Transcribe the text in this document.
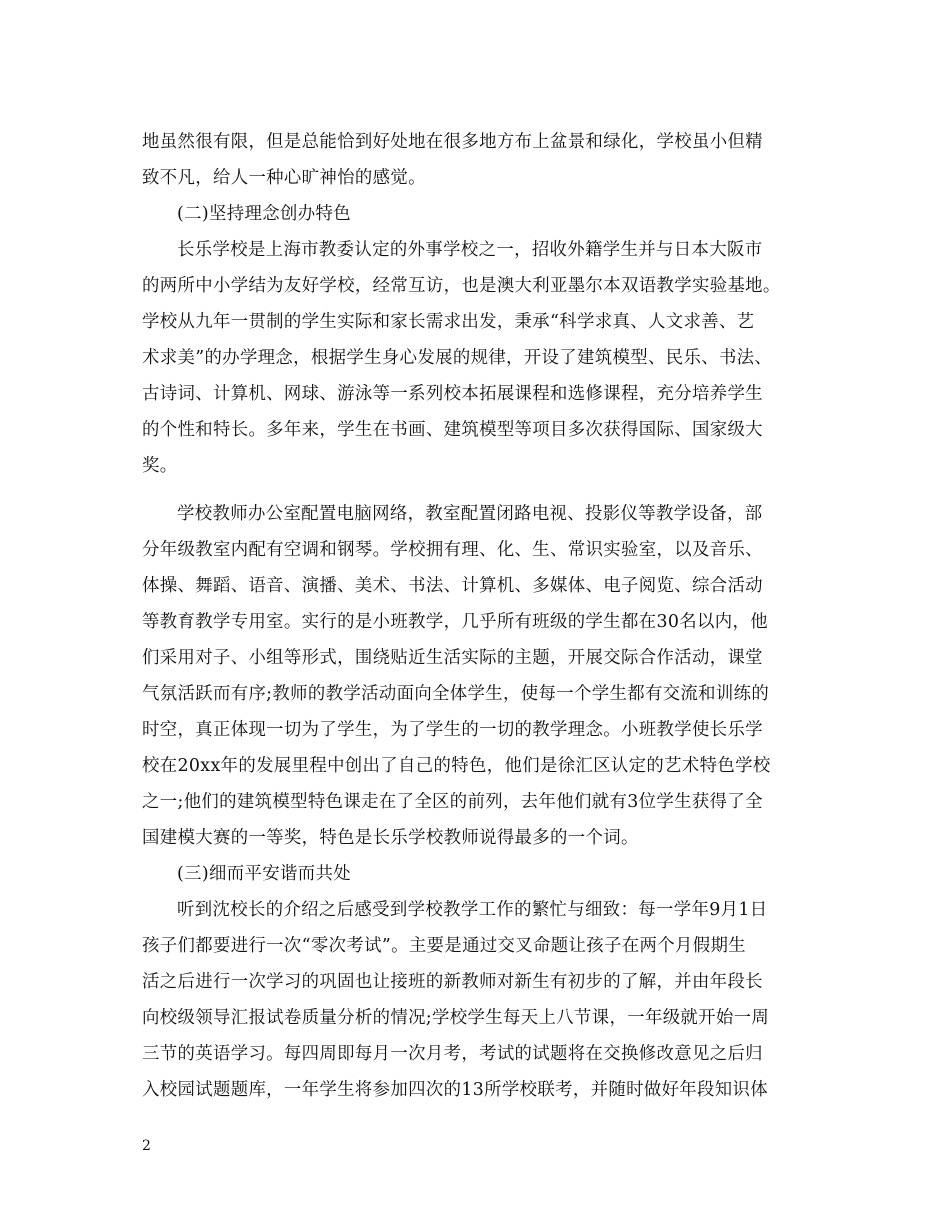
地虽然很有限，但是总能恰到好处地在很多地方布上盆景和绿化，学校虽小但精
致不凡，给人一种心旷神怡的感觉。
(二)坚持理念创办特色
长乐学校是上海市教委认定的外事学校之一，招收外籍学生并与日本大阪市
的两所中小学结为友好学校，经常互访，也是澳大利亚墨尔本双语教学实验基地。
学校从九年一贯制的学生实际和家长需求出发，秉承“科学求真、人文求善、艺
术求美”的办学理念，根据学生身心发展的规律，开设了建筑模型、民乐、书法、
古诗词、计算机、网球、游泳等一系列校本拓展课程和选修课程，充分培养学生
的个性和特长。多年来，学生在书画、建筑模型等项目多次获得国际、国家级大
奖。
学校教师办公室配置电脑网络，教室配置闭路电视、投影仪等教学设备，部
分年级教室内配有空调和钢琴。学校拥有理、化、生、常识实验室，以及音乐、
体操、舞蹈、语音、演播、美术、书法、计算机、多媒体、电子阅览、综合活动
等教育教学专用室。实行的是小班教学，几乎所有班级的学生都在30名以内，他
们采用对子、小组等形式，围绕贴近生活实际的主题，开展交际合作活动，课堂
气氛活跃而有序;教师的教学活动面向全体学生，使每一个学生都有交流和训练的
时空，真正体现一切为了学生，为了学生的一切的教学理念。小班教学使长乐学
校在20xx年的发展里程中创出了自己的特色，他们是徐汇区认定的艺术特色学校
之一;他们的建筑模型特色课走在了全区的前列，去年他们就有3位学生获得了全
国建模大赛的一等奖，特色是长乐学校教师说得最多的一个词。
(三)细而平安谐而共处
听到沈校长的介绍之后感受到学校教学工作的繁忙与细致：每一学年9月1日
孩子们都要进行一次“零次考试”。主要是通过交叉命题让孩子在两个月假期生
活之后进行一次学习的巩固也让接班的新教师对新生有初步的了解，并由年段长
向校级领导汇报试卷质量分析的情况;学校学生每天上八节课，一年级就开始一周
三节的英语学习。每四周即每月一次月考，考试的试题将在交换修改意见之后归
入校园试题题库，一年学生将参加四次的13所学校联考，并随时做好年段知识体
2
